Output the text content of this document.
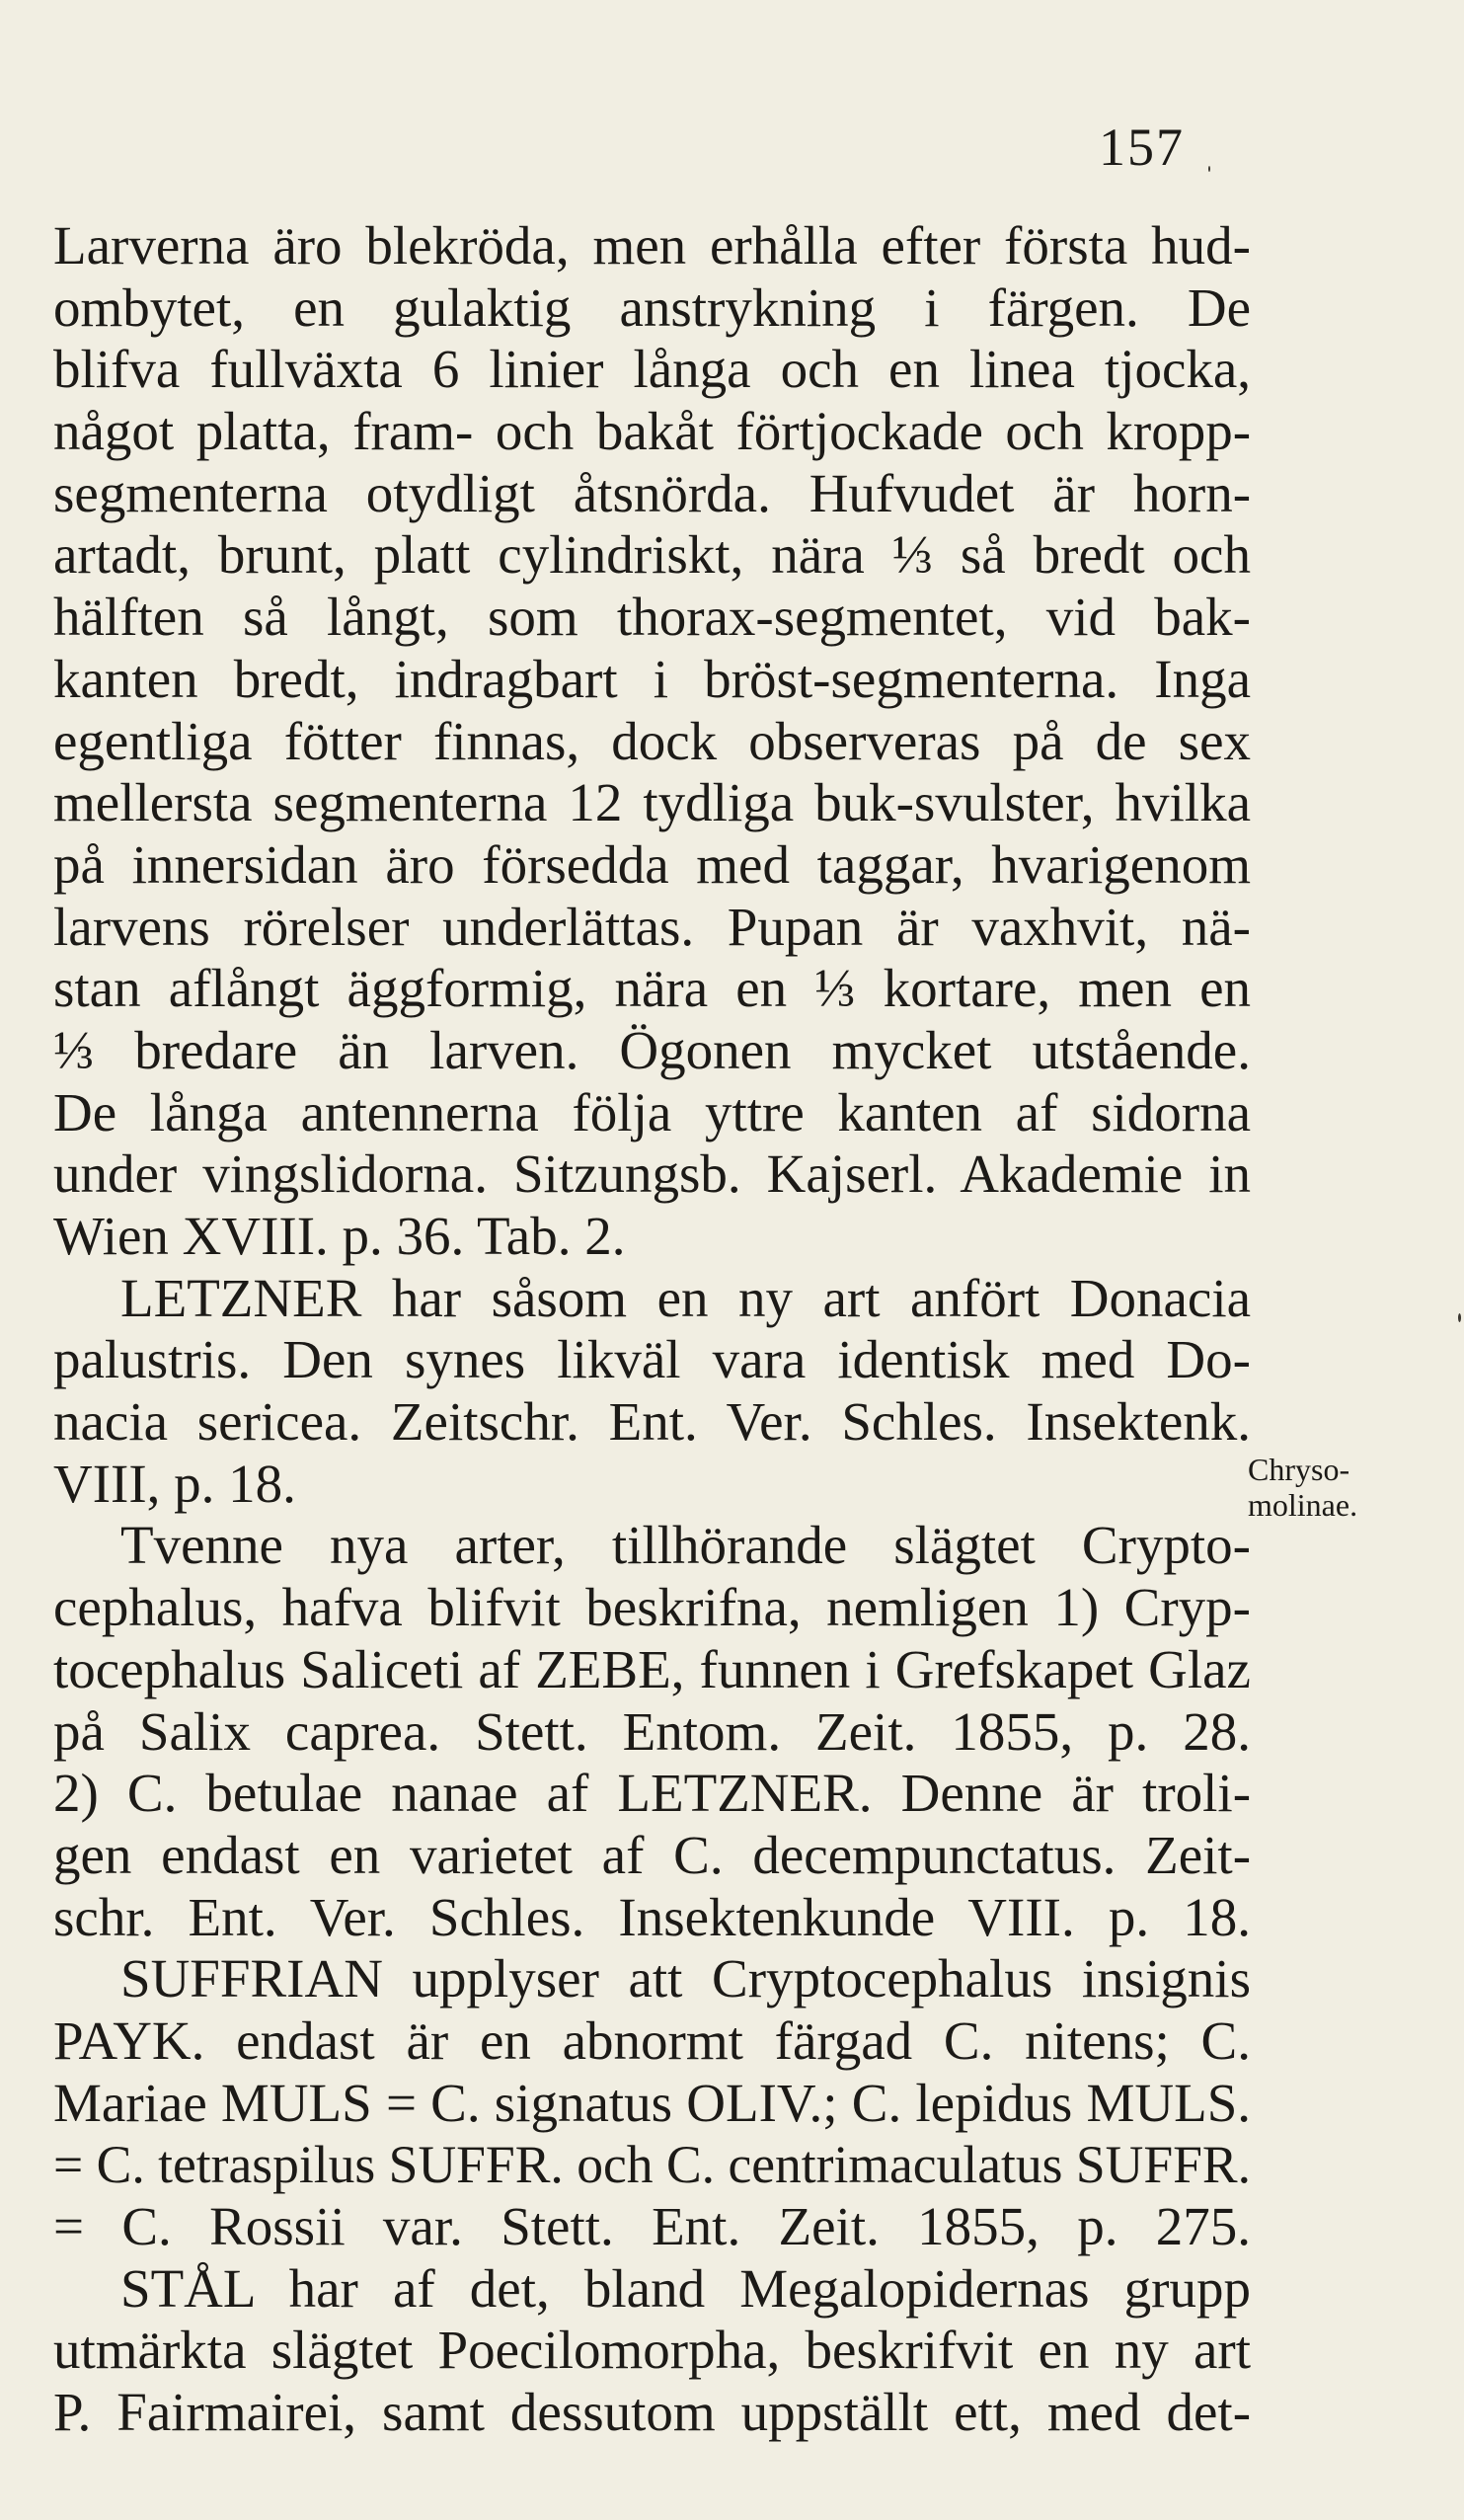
157
Larverna äro blekröda, men erhålla efter första hud-
ombytet, en gulaktig anstrykning i färgen. De
blifva fullväxta 6 linier långa och en linea tjocka,
något platta, fram- och bakåt förtjockade och kropp-
segmenterna otydligt åtsnörda. Hufvudet är horn-
artadt, brunt, platt cylindriskt, nära ⅓ så bredt och
hälften så långt, som thorax-segmentet, vid bak-
kanten bredt, indragbart i bröst-segmenterna. Inga
egentliga fötter finnas, dock observeras på de sex
mellersta segmenterna 12 tydliga buk-svulster, hvilka
på innersidan äro försedda med taggar, hvarigenom
larvens rörelser underlättas. Pupan är vaxhvit, nä-
stan aflångt äggformig, nära en ⅓ kortare, men en
⅓ bredare än larven. Ögonen mycket utstående.
De långa antennerna följa yttre kanten af sidorna
under vingslidorna. Sitzungsb. Kajserl. Akademie in
Wien XVIII. p. 36. Tab. 2.
LETZNER har såsom en ny art anfört Donacia
palustris. Den synes likväl vara identisk med Do-
nacia sericea. Zeitschr. Ent. Ver. Schles. Insektenk.
VIII, p. 18.
Tvenne nya arter, tillhörande slägtet Crypto-
cephalus, hafva blifvit beskrifna, nemligen 1) Cryp-
tocephalus Saliceti af ZEBE, funnen i Grefskapet Glaz
på Salix caprea. Stett. Entom. Zeit. 1855, p. 28.
2) C. betulae nanae af LETZNER. Denne är troli-
gen endast en varietet af C. decempunctatus. Zeit-
schr. Ent. Ver. Schles. Insektenkunde VIII. p. 18.
SUFFRIAN upplyser att Cryptocephalus insignis
PAYK. endast är en abnormt färgad C. nitens; C.
Mariae MULS = C. signatus OLIV.; C. lepidus MULS.
= C. tetraspilus SUFFR. och C. centrimaculatus SUFFR.
= C. Rossii var. Stett. Ent. Zeit. 1855, p. 275.
STÅL har af det, bland Megalopidernas grupp
utmärkta slägtet Poecilomorpha, beskrifvit en ny art
P. Fairmairei, samt dessutom uppställt ett, med det-
Chryso-
molinae.
